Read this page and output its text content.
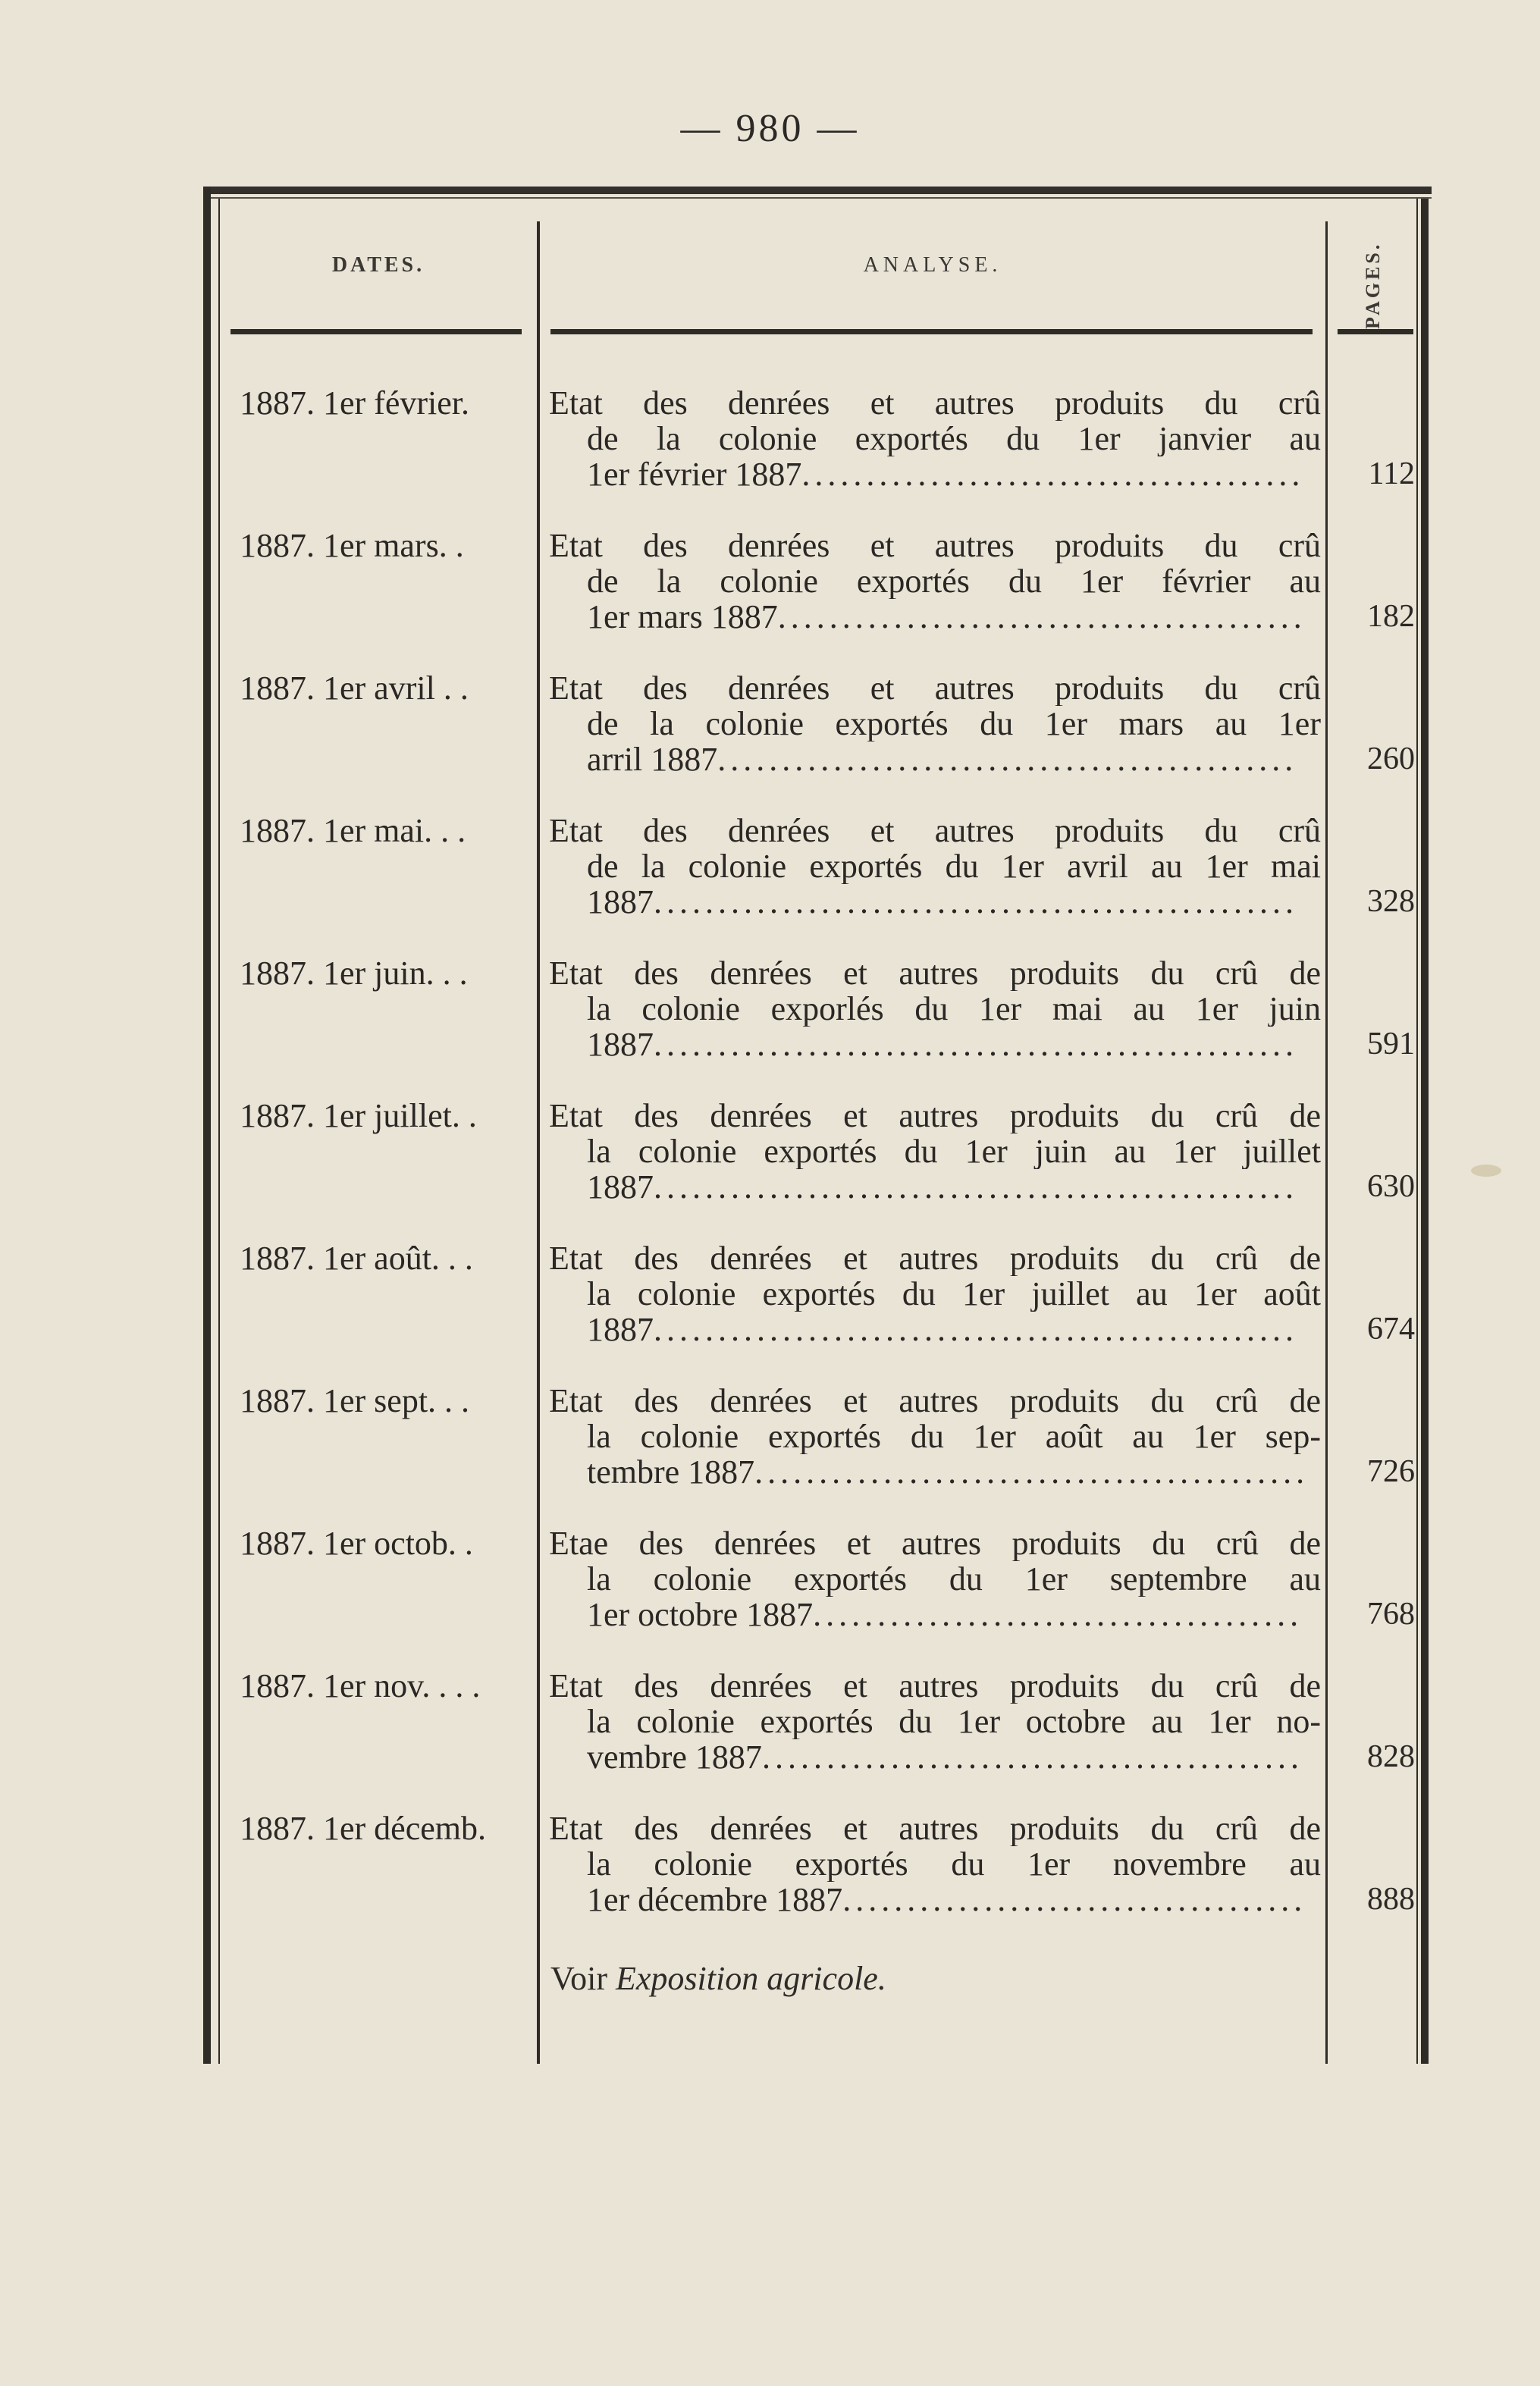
— 980 —
DATES.	ANALYSE.	PAGES.
1887. 1er février.	Etat des denrées et autres produits du crû
de la colonie exportés du 1er janvier au
1er février 1887.......................................	112
1887. 1er mars. .	Etat des denrées et autres produits du crû
de la colonie exportés du 1er février au
1er mars 1887.........................................	182
1887. 1er avril . .	Etat des denrées et autres produits du crû
de la colonie exportés du 1er mars au 1er
arril 1887.............................................	260
1887. 1er mai. . .	Etat des denrées et autres produits du crû
de la colonie exportés du 1er avril au 1er mai
1887..................................................	328
1887. 1er juin. . .	Etat des denrées et autres produits du crû de
la colonie exporlés du 1er mai au 1er juin
1887..................................................	591
1887. 1er juillet. .	Etat des denrées et autres produits du crû de
la colonie exportés du 1er juin au 1er juillet
1887..................................................	630
1887. 1er août. . .	Etat des denrées et autres produits du crû de
la colonie exportés du 1er juillet au 1er août
1887..................................................	674
1887. 1er sept. . .	Etat des denrées et autres produits du crû de
la colonie exportés du 1er août au 1er sep-
tembre 1887...........................................	726
1887. 1er octob. .	Etae des denrées et autres produits du crû de
la colonie exportés du 1er septembre au
1er octobre 1887......................................	768
1887. 1er nov. . . .	Etat des denrées et autres produits du crû de
la colonie exportés du 1er octobre au 1er no-
vembre 1887..........................................	828
1887. 1er décemb.	Etat des denrées et autres produits du crû de
la colonie exportés du 1er novembre au
1er décembre 1887....................................	888
Voir Exposition agricole.
